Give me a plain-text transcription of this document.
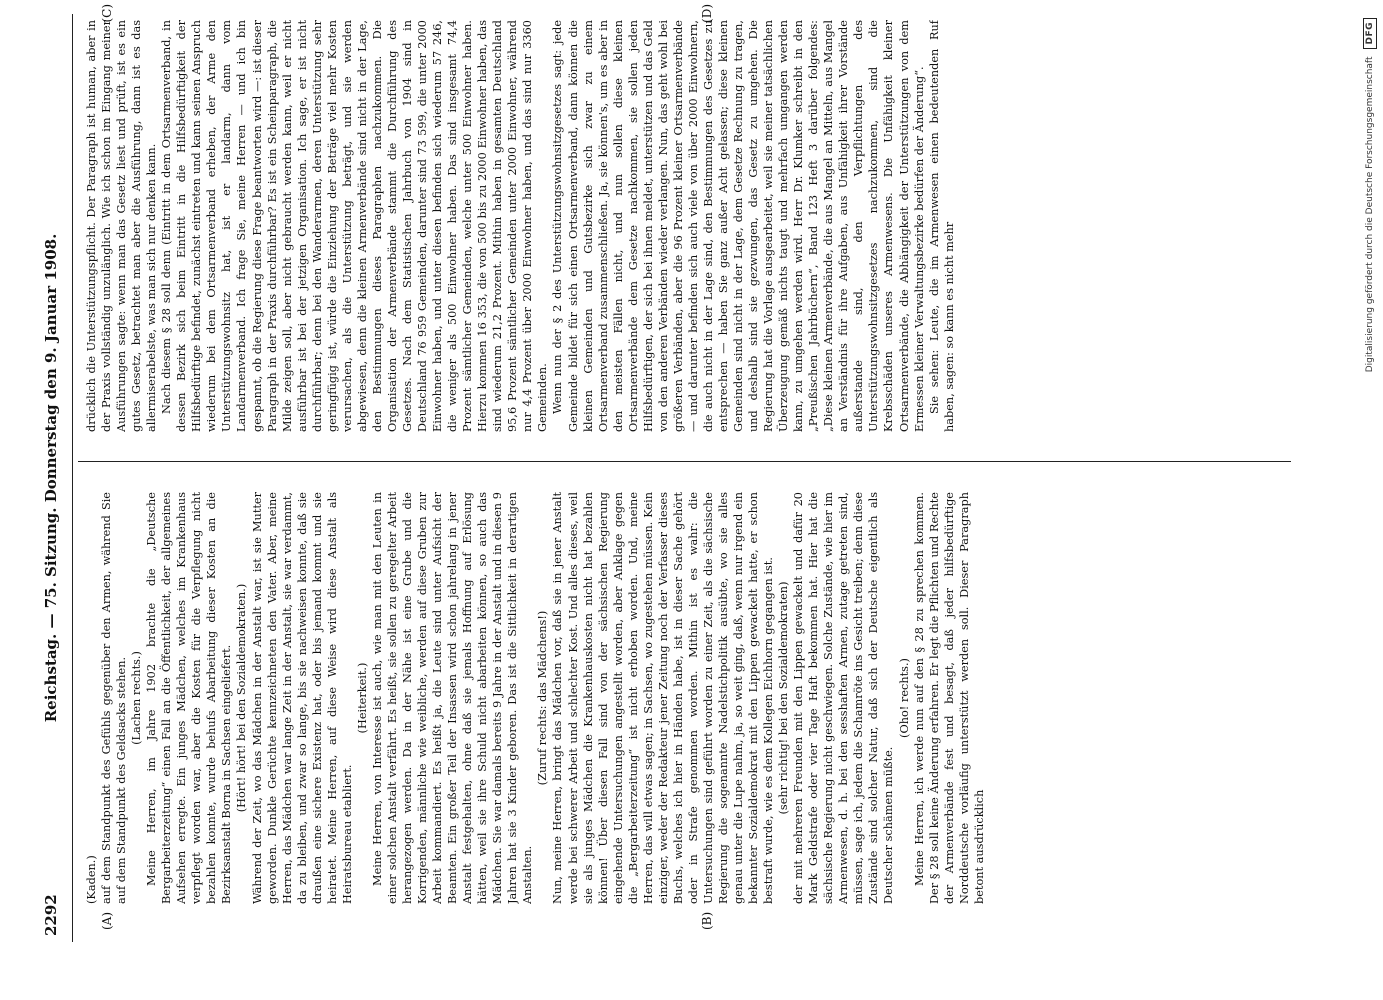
2292
Reichstag. — 75. Sitzung. Donnerstag den 9. Januar 1908.
(A)	(B)
(C)	(D)

(Kaden.) auf dem Standpunkt des Gefühls gegenüber den Armen, während Sie auf dem Standpunkt des Geldsacks stehen. (Lachen rechts.) Meine Herren, im Jahre 1902 brachte die „Deutsche Bergarbeiterzeitung“ einen Fall an die Öffentlichkeit, der allgemeines Aufsehen erregte. Ein junges Mädchen, welches im Krankenhaus verpflegt worden war, aber die Kosten für die Verpflegung nicht bezahlen konnte, wurde behufs Abarbeitung dieser Kosten an die Bezirksanstalt Borna in Sachsen eingeliefert. (Hört! hört! bei den Sozialdemokraten.) Während der Zeit, wo das Mädchen in der Anstalt war, ist sie Mutter geworden. Dunkle Gerüchte kennzeichneten den Vater. Aber, meine Herren, das Mädchen war lange Zeit in der Anstalt, sie war verdammt, da zu bleiben, und zwar so lange, bis sie nachweisen konnte, daß sie draußen eine sichere Existenz hat, oder bis jemand kommt und sie heiratet. Meine Herren, auf diese Weise wird diese Anstalt als Heiratsbureau etabliert.

(Heiterkeit.) Meine Herren, von Interesse ist auch, wie man mit den Leuten in einer solchen Anstalt verfährt. Es heißt, sie sollen zu geregelter Arbeit herangezogen werden. Da in der Nähe ist eine Grube und die Korrigenden, männliche wie weibliche, werden auf diese Gruben zur Arbeit kommandiert. Es heißt ja, die Leute sind unter Aufsicht der Beamten. Ein großer Teil der Insassen wird schon jahrelang in jener Anstalt festgehalten, ohne daß sie jemals Hoffnung auf Erlösung hätten, weil sie ihre Schuld nicht abarbeiten können, so auch das Mädchen. Sie war damals bereits 9 Jahre in der Anstalt und in diesen 9 Jahren hat sie 3 Kinder geboren. Das ist die Sittlichkeit in derartigen Anstalten.

(Zuruf rechts: das Mädchens!) Nun, meine Herren, bringt das Mädchen vor, daß sie in jener Anstalt werde bei schwerer Arbeit und schlechter Kost. Und alles dieses, weil sie als junges Mädchen die Krankenhauskosten nicht hat bezahlen können! Über diesen Fall sind von der sächsischen Regierung eingehende Untersuchungen angestellt worden, aber Anklage gegen die „Bergarbeiterzeitung“ ist nicht erhoben worden. Und, meine Herren, das will etwas sagen; in Sachsen, wo zugestehen müssen. Kein einziger, weder der Redakteur jener Zeitung noch der Verfasser dieses Buchs, welches ich hier in Händen habe, ist in dieser Sache gehört oder in Strafe genommen worden. Mithin ist es wahr: die Untersuchungen sind geführt worden zu einer Zeit, als die sächsische Regierung die sogenannte Nadelstichpolitik ausübte, wo sie alles genau unter die Lupe nahm, ja, so weit ging, daß, wenn nur irgend ein bekannter Sozialdemokrat mit den Lippen gewackelt hatte, er schon bestraft wurde, wie es dem Kollegen Eichhorn gegangen ist. (sehr richtig! bei den Sozialdemokraten) der mit mehreren Freunden mit den Lippen gewackelt und dafür 20 Mark Geldstrafe oder vier Tage Haft bekommen hat. Hier hat die sächsische Regierung nicht geschwiegen. Solche Zustände, wie hier im Armenwesen, d. h. bei den sesshaften Armen, zutage getreten sind, müssen, sage ich, jedem die Schamröte ins Gesicht treiben; denn diese Zustände sind solcher Natur, daß sich der Deutsche eigentlich als Deutscher schämen müßte.

(Oho! rechts.) Meine Herren, ich werde nun auf den § 28 zu sprechen kommen. Der § 28 soll keine Änderung erfahren. Er legt die Pflichten und Rechte der Armenverbände fest und besagt, daß jeder hilfsbedürftige Norddeutsche vorläufig unterstützt werden soll. Dieser Paragraph betont ausdrücklich

drücklich die Unterstützungspflicht. Der Paragraph ist human, aber in der Praxis vollständig unzulänglich. Wie ich schon im Eingang meiner Ausführungen sagte: wenn man das Gesetz liest und prüft, ist es ein gutes Gesetz, betrachtet man aber die Ausführung, dann ist es das allermiserabelste, was man sich nur denken kann. Nach diesem § 28 soll denn (Eintritt in dem Ortsarmenverband, in dessen Bezirk sich beim Eintritt in die Hilfsbedürftigkeit der Hilfsbedürftige befindet, zunächst eintreten und kann seinen Anspruch wiederum bei dem Ortsarmenverband erheben, der Arme den Unterstützungswohnsitz hat, ist er landarm, dann vom Landarmenverband. Ich frage Sie, meine Herren — und ich bin gespannt, ob die Regierung diese Frage beantworten wird —: ist dieser Paragraph in der Praxis durchführbar? Es ist ein Scheinparagraph, die Milde zeigen soll, aber nicht gebraucht werden kann, weil er nicht ausführbar ist bei der jetzigen Organisation. Ich sage, er ist nicht durchführbar; denn bei den Wanderarmen, deren Unterstützung sehr geringfügig ist, würde die Einziehung der Beträge viel mehr Kosten verursachen, als die Unterstützung beträgt, und sie werden abgewiesen, denn die kleinen Armenverbände sind nicht in der Lage, den Bestimmungen dieses Paragraphen nachzukommen. Die Organisation der Armenverbände stammt die Durchführung des Gesetzes. Nach dem Statistischen Jahrbuch von 1904 sind in Deutschland 76 959 Gemeinden, darunter sind 73 599, die unter 2000 Einwohner haben, und unter diesen befinden sich wiederum 57 246, die weniger als 500 Einwohner haben. Das sind insgesamt 74,4 Prozent sämtlicher Gemeinden, welche unter 500 Einwohner haben. Hierzu kommen 16 353, die von 500 bis zu 2000 Einwohner haben, das sind wiederum 21,2 Prozent. Mithin haben in gesamten Deutschland 95,6 Prozent sämtlicher Gemeinden unter 2000 Einwohner, während nur 4,4 Prozent über 2000 Einwohner haben, und das sind nur 3360 Gemeinden. Wenn nun der § 2 des Unterstützungswohnsitzgesetzes sagt: jede Gemeinde bildet für sich einen Ortsarmenverband, dann können die kleinen Gemeinden und Gutsbezirke sich zwar zu einem Ortsarmenverband zusammenschließen. Ja, sie können's, um es aber in den meisten Fällen nicht, und nun sollen diese kleinen Ortsarmenverbände dem Gesetze nachkommen, sie sollen jeden Hilfsbedürftigen, der sich bei ihnen meldet, unterstützen und das Geld von den anderen Verbänden wieder verlangen. Nun, das geht wohl bei größeren Verbänden, aber die 96 Prozent kleiner Ortsarmenverbände — und darunter befinden sich auch viele von über 2000 Einwohnern, die auch nicht in der Lage sind, den Bestimmungen des Gesetzes zu entsprechen — haben Sie ganz außer Acht gelassen; diese kleinen Gemeinden sind nicht in der Lage, dem Gesetze Rechnung zu tragen, und deshalb sind sie gezwungen, das Gesetz zu umgehen. Die Regierung hat die Vorlage ausgearbeitet, weil sie meiner tatsächlichen Überzeugung gemäß nichts taugt und mehrfach umgangen werden kann, zu umgehen werden wird. Herr Dr. Klumker schreibt in den „Preußischen Jahrbüchern“, Band 123 Heft 3 darüber folgendes: „Diese kleinen Armenverbände, die aus Mangel an Mitteln, aus Mangel an Verständnis für ihre Aufgaben, aus Unfähigkeit ihrer Vorstände außerstande sind, den Verpflichtungen des Unterstützungswohnsitzgesetzes nachzukommen, sind die Krebsschäden unseres Armenwesens. Die Unfähigkeit kleiner Ortsarmenverbände, die Abhängigkeit der Unterstützungen von dem Ermessen kleiner Verwaltungsbezirke bedürfen der Änderung“. Sie sehen: Leute, die im Armenwesen einen bedeutenden Ruf haben, sagen: so kann es nicht mehr	Digitalisierung gefördert durch die Deutsche Forschungsgemeinschaft
DFG
